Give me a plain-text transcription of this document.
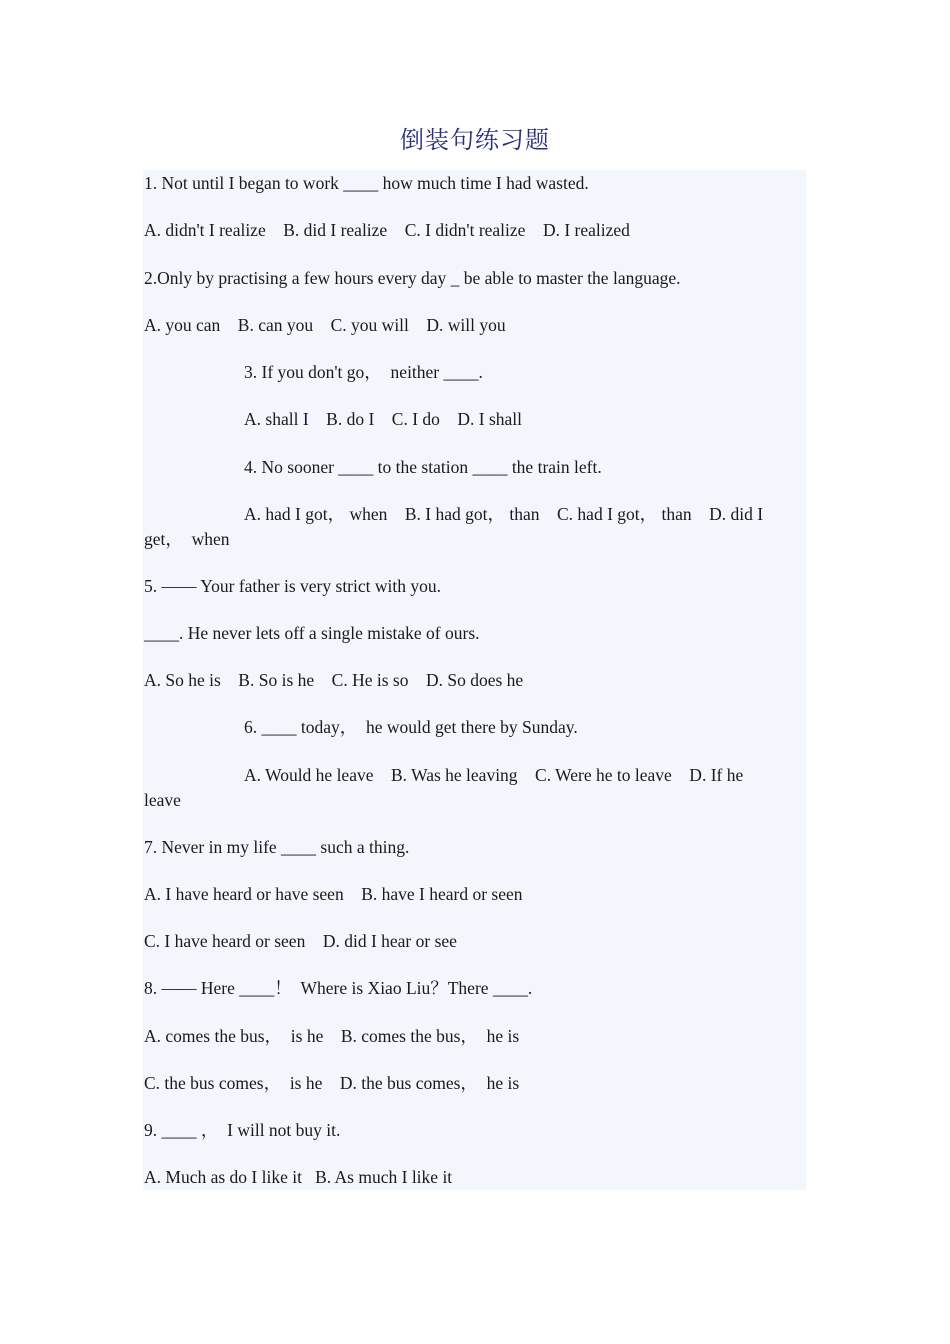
倒装句练习题
1. Not until I began to work ____ how much time I had wasted.
A. didn't I realize    B. did I realize    C. I didn't realize    D. I realized
2.Only by practising a few hours every day _ be able to master the language.
A. you can    B. can you    C. you will    D. will you
3. If you don't go，  neither ____.
A. shall I    B. do I    C. I do    D. I shall
4. No sooner ____ to the station ____ the train left.
A. had I got， when    B. I had got， than    C. had I got， than    D. did I
get，  when
5. —— Your father is very strict with you.
____. He never lets off a single mistake of ours.
A. So he is    B. So is he    C. He is so    D. So does he
6. ____ today，  he would get there by Sunday.
A. Would he leave    B. Was he leaving    C. Were he to leave    D. If he
leave
7. Never in my life ____ such a thing.
A. I have heard or have seen    B. have I heard or seen
C. I have heard or seen    D. did I hear or see
8. —— Here ____！  Where is Xiao Liu？There ____.
A. comes the bus，  is he    B. comes the bus，  he is
C. the bus comes，  is he    D. the bus comes，  he is
9. ____ ，  I will not buy it.
A. Much as do I like it   B. As much I like it
